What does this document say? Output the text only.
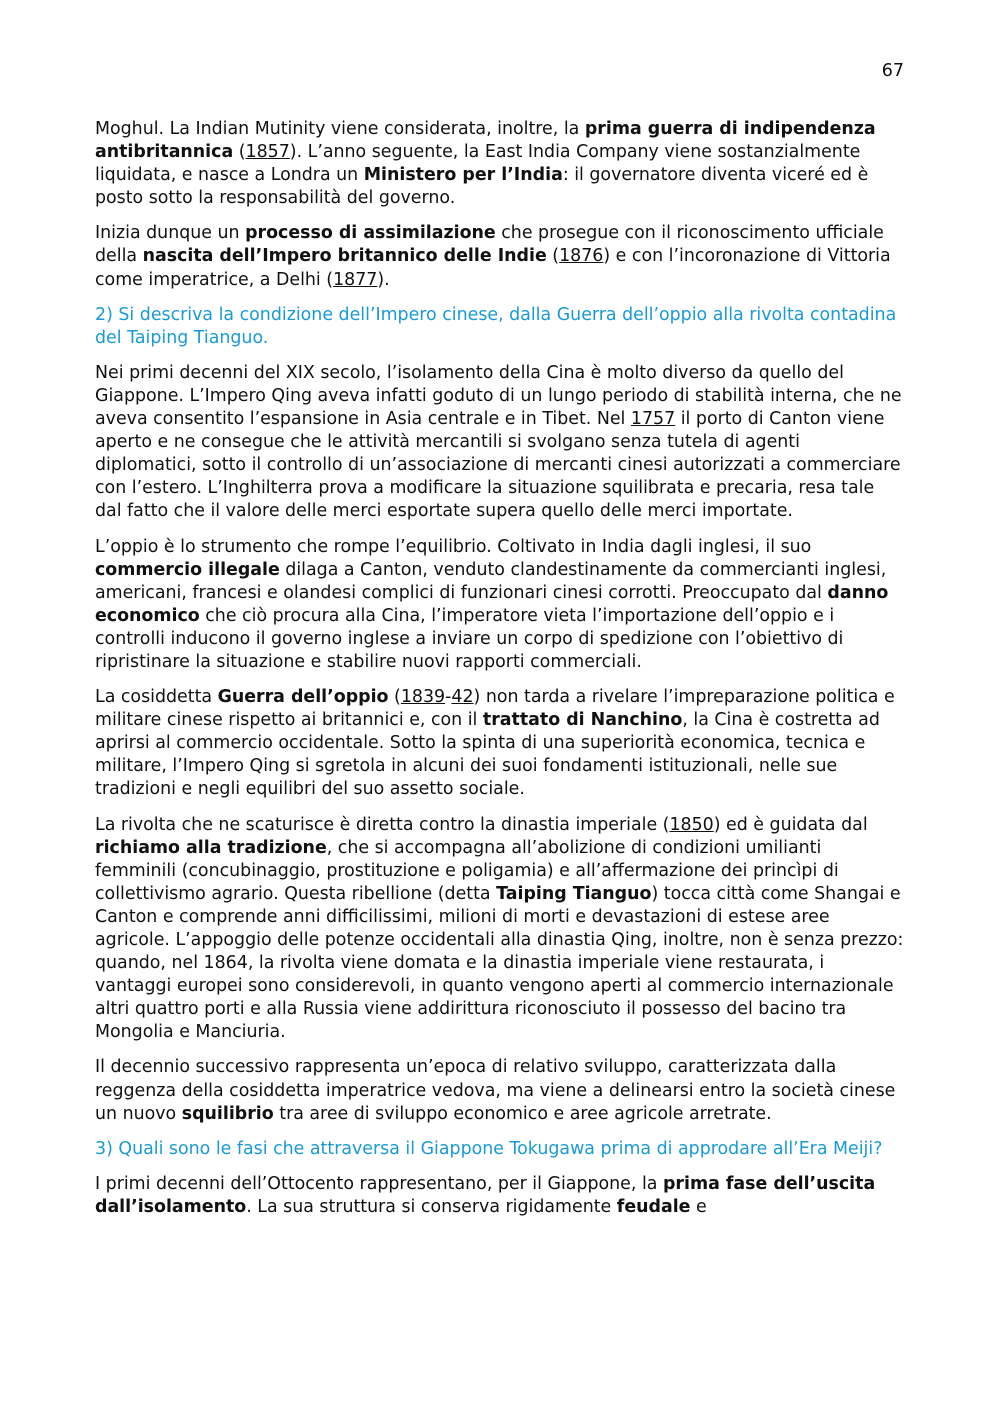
67

Moghul. La Indian Mutinity viene considerata, inoltre, la prima guerra di indipendenza antibritannica (1857). L’anno seguente, la East India Company viene sostanzialmente liquidata, e nasce a Londra un Ministero per l’India: il governatore diventa viceré ed è posto sotto la responsabilità del governo.

Inizia dunque un processo di assimilazione che prosegue con il riconoscimento ufficiale della nascita dell’Impero britannico delle Indie (1876) e con l’incoronazione di Vittoria come imperatrice, a Delhi (1877).

2) Si descriva la condizione dell’Impero cinese, dalla Guerra dell’oppio alla rivolta contadina del Taiping Tianguo.

Nei primi decenni del XIX secolo, l’isolamento della Cina è molto diverso da quello del Giappone. L’Impero Qing aveva infatti goduto di un lungo periodo di stabilità interna, che ne aveva consentito l’espansione in Asia centrale e in Tibet. Nel 1757 il porto di Canton viene aperto e ne consegue che le attività mercantili si svolgano senza tutela di agenti diplomatici, sotto il controllo di un’associazione di mercanti cinesi autorizzati a commerciare con l’estero. L’Inghilterra prova a modificare la situazione squilibrata e precaria, resa tale dal fatto che il valore delle merci esportate supera quello delle merci importate.

L’oppio è lo strumento che rompe l’equilibrio. Coltivato in India dagli inglesi, il suo commercio illegale dilaga a Canton, venduto clandestinamente da commercianti inglesi, americani, francesi e olandesi complici di funzionari cinesi corrotti. Preoccupato dal danno economico che ciò procura alla Cina, l’imperatore vieta l’importazione dell’oppio e i controlli inducono il governo inglese a inviare un corpo di spedizione con l’obiettivo di ripristinare la situazione e stabilire nuovi rapporti commerciali.

La cosiddetta Guerra dell’oppio (1839-42) non tarda a rivelare l’impreparazione politica e militare cinese rispetto ai britannici e, con il trattato di Nanchino, la Cina è costretta ad aprirsi al commercio occidentale. Sotto la spinta di una superiorità economica, tecnica e militare, l’Impero Qing si sgretola in alcuni dei suoi fondamenti istituzionali, nelle sue tradizioni e negli equilibri del suo assetto sociale.

La rivolta che ne scaturisce è diretta contro la dinastia imperiale (1850) ed è guidata dal richiamo alla tradizione, che si accompagna all’abolizione di condizioni umilianti femminili (concubinaggio, prostituzione e poligamia) e all’affermazione dei princìpi di collettivismo agrario. Questa ribellione (detta Taiping Tianguo) tocca città come Shangai e Canton e comprende anni difficilissimi, milioni di morti e devastazioni di estese aree agricole. L’appoggio delle potenze occidentali alla dinastia Qing, inoltre, non è senza prezzo: quando, nel 1864, la rivolta viene domata e la dinastia imperiale viene restaurata, i vantaggi europei sono considerevoli, in quanto vengono aperti al commercio internazionale altri quattro porti e alla Russia viene addirittura riconosciuto il possesso del bacino tra Mongolia e Manciuria.

Il decennio successivo rappresenta un’epoca di relativo sviluppo, caratterizzata dalla reggenza della cosiddetta imperatrice vedova, ma viene a delinearsi entro la società cinese un nuovo squilibrio tra aree di sviluppo economico e aree agricole arretrate.

3) Quali sono le fasi che attraversa il Giappone Tokugawa prima di approdare all’Era Meiji?

I primi decenni dell’Ottocento rappresentano, per il Giappone, la prima fase dell’uscita dall’isolamento. La sua struttura si conserva rigidamente feudale e
